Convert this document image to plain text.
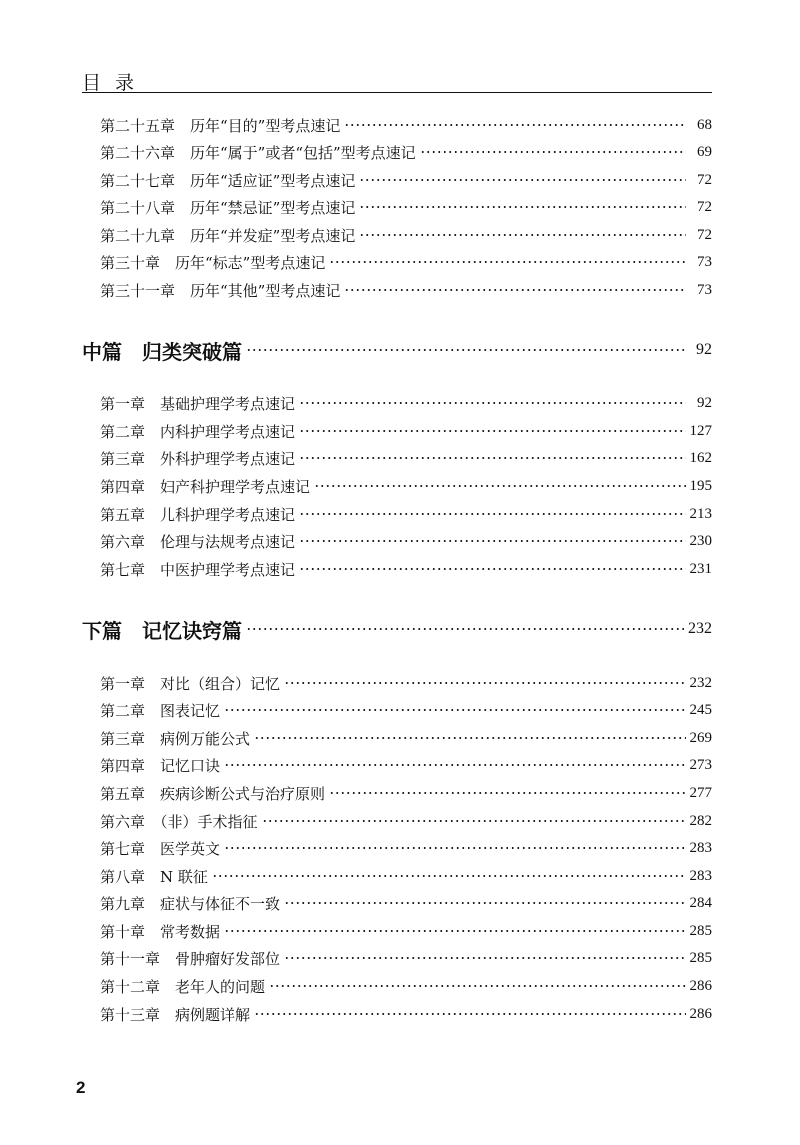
目录
第二十五章　历年“目的”型考点速记	68
第二十六章　历年“属于”或者“包括”型考点速记	69
第二十七章　历年“适应证”型考点速记	72
第二十八章　历年“禁忌证”型考点速记	72
第二十九章　历年“并发症”型考点速记	72
第三十章　历年“标志”型考点速记	73
第三十一章　历年“其他”型考点速记	73
中篇　归类突破篇	92
第一章　基础护理学考点速记	92
第二章　内科护理学考点速记	127
第三章　外科护理学考点速记	162
第四章　妇产科护理学考点速记	195
第五章　儿科护理学考点速记	213
第六章　伦理与法规考点速记	230
第七章　中医护理学考点速记	231
下篇　记忆诀窍篇	232
第一章　对比（组合）记忆	232
第二章　图表记忆	245
第三章　病例万能公式	269
第四章　记忆口诀	273
第五章　疾病诊断公式与治疗原则	277
第六章　（非）手术指征	282
第七章　医学英文	283
第八章　N 联征	283
第九章　症状与体征不一致	284
第十章　常考数据	285
第十一章　骨肿瘤好发部位	285
第十二章　老年人的问题	286
第十三章　病例题详解	286
2
